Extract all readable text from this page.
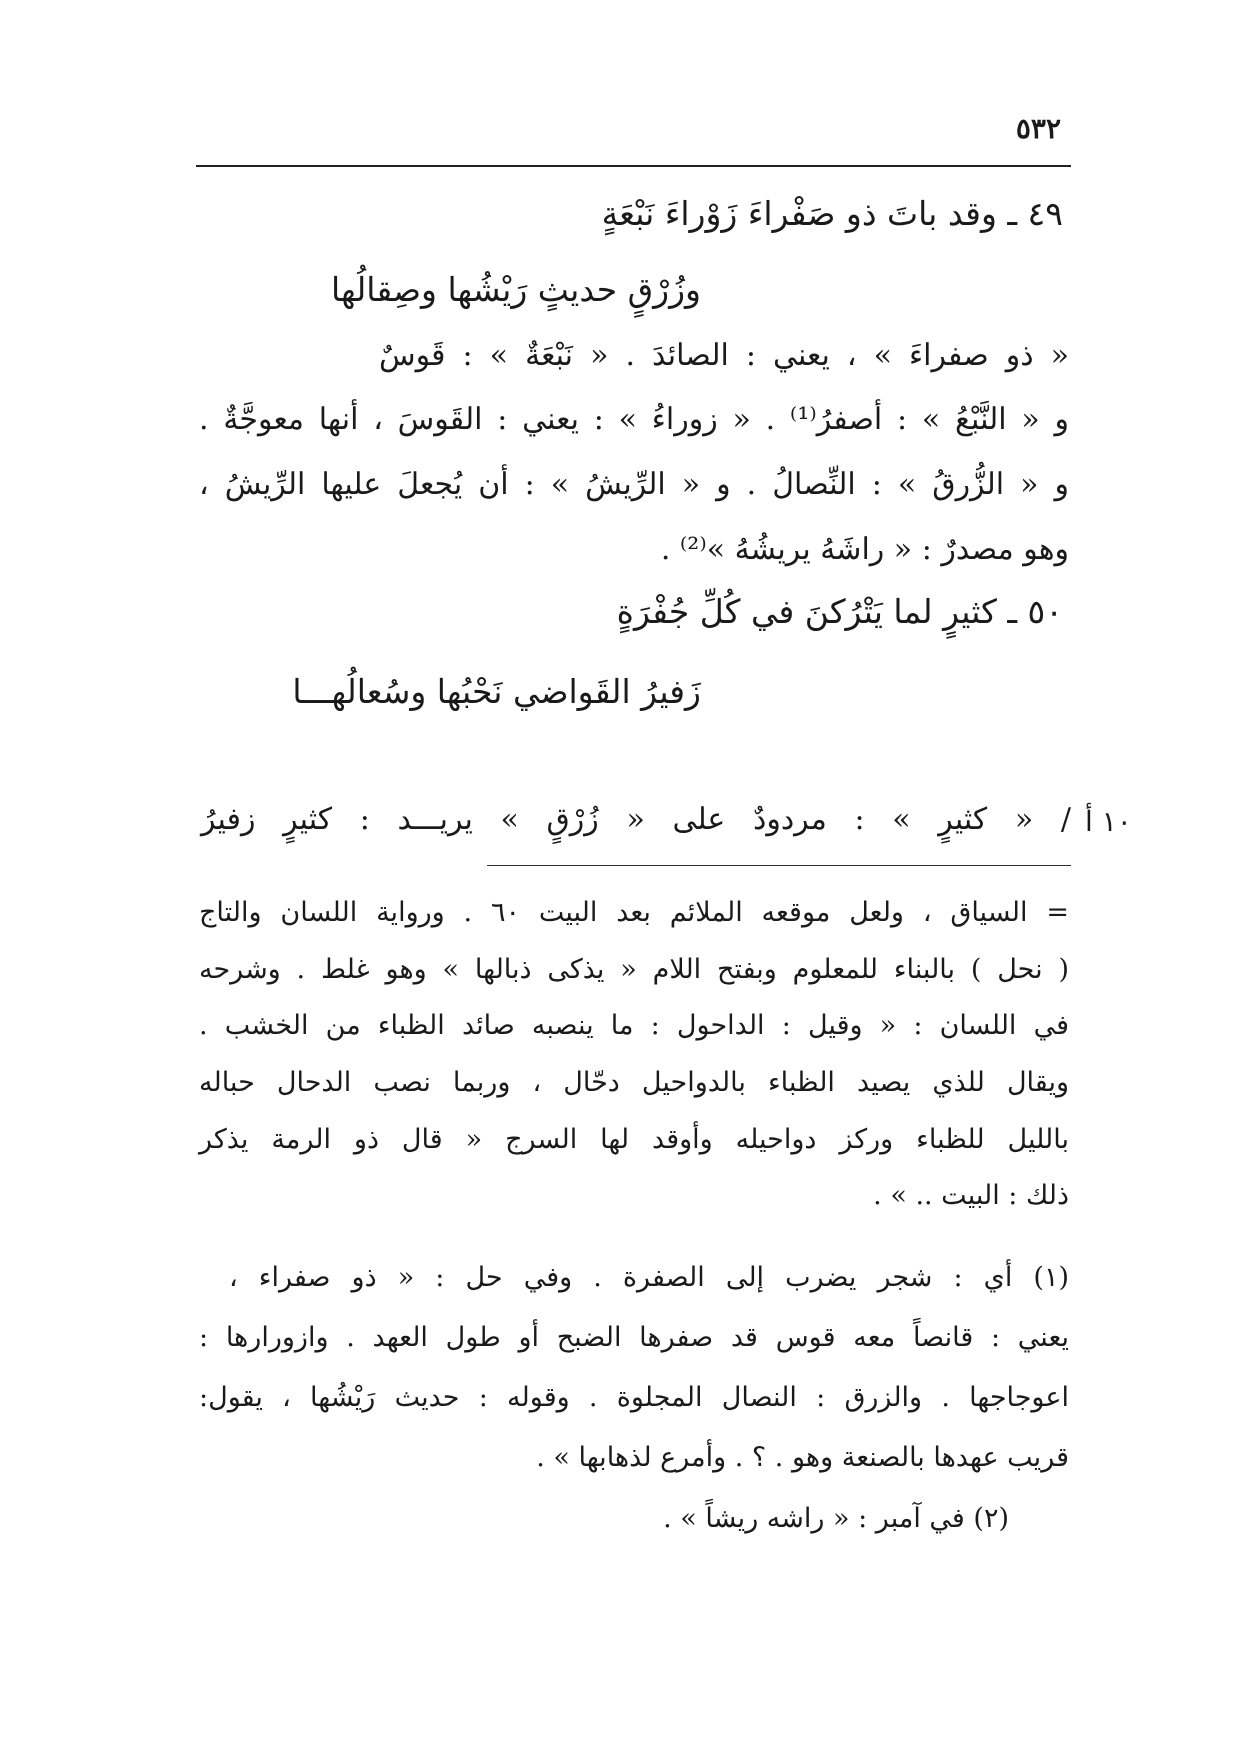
٥٣٢
٤٩ ـ وقد باتَ ذو صَفْراءَ زَوْراءَ نَبْعَةٍ
وزُرْقٍ حديثٍ رَيْشُها وصِقالُها
« ذو صفراءَ » ، يعني : الصائدَ . « نَبْعَةٌ » : قَوسٌ
و « النَّبْعُ » : أصفرُ⁽¹⁾ . « زوراءُ » : يعني : القَوسَ ، أنها معوجَّةٌ .
و « الزُّرقُ » : النِّصالُ . و « الرِّيشُ » : أن يُجعلَ عليها الرِّيشُ ،
وهو مصدرٌ : « راشَهُ يريشُهُ »⁽²⁾ .
٥٠ ـ كثيرٍ لما يَتْرُكنَ في كُلِّ جُفْرَةٍ
زَفيرُ القَواضي نَحْبُها وسُعالُهـــا
/ « كثيرٍ » : مردودٌ على « زُرْقٍ » يريـــد : كثيرٍ زفيرُ ١٠ أ
= السياق ، ولعل موقعه الملائم بعد البيت ٦٠ . ورواية اللسان والتاج
( نحل ) بالبناء للمعلوم وبفتح اللام « يذكى ذبالها » وهو غلط . وشرحه
في اللسان : « وقيل : الداحول : ما ينصبه صائد الظباء من الخشب .
ويقال للذي يصيد الظباء بالدواحيل دحّال ، وربما نصب الدحال حباله
بالليل للظباء وركز دواحيله وأوقد لها السرج « قال ذو الرمة يذكر
ذلك : البيت .. » .
(١) أي : شجر يضرب إلى الصفرة . وفي حل : « ذو صفراء ،
يعني : قانصاً معه قوس قد صفرها الضبح أو طول العهد . وازورارها :
اعوجاجها . والزرق : النصال المجلوة . وقوله : حديث رَيْشُها ، يقول:
قريب عهدها بالصنعة وهو . ؟ . وأمرع لذهابها » .
(٢) في آمبر : « راشه ريشاً » .
